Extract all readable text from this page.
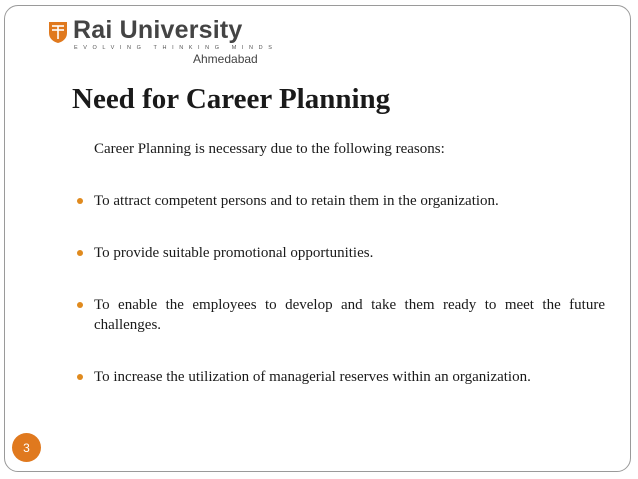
Rai University
EVOLVING THINKING MINDS
Ahmedabad
Need for Career Planning
Career Planning is necessary due to the following reasons:
To attract competent persons and to retain them in the organization.
To provide suitable promotional opportunities.
To enable the employees to develop and take them ready to meet the future challenges.
To increase the utilization of managerial reserves within an organization.
3
